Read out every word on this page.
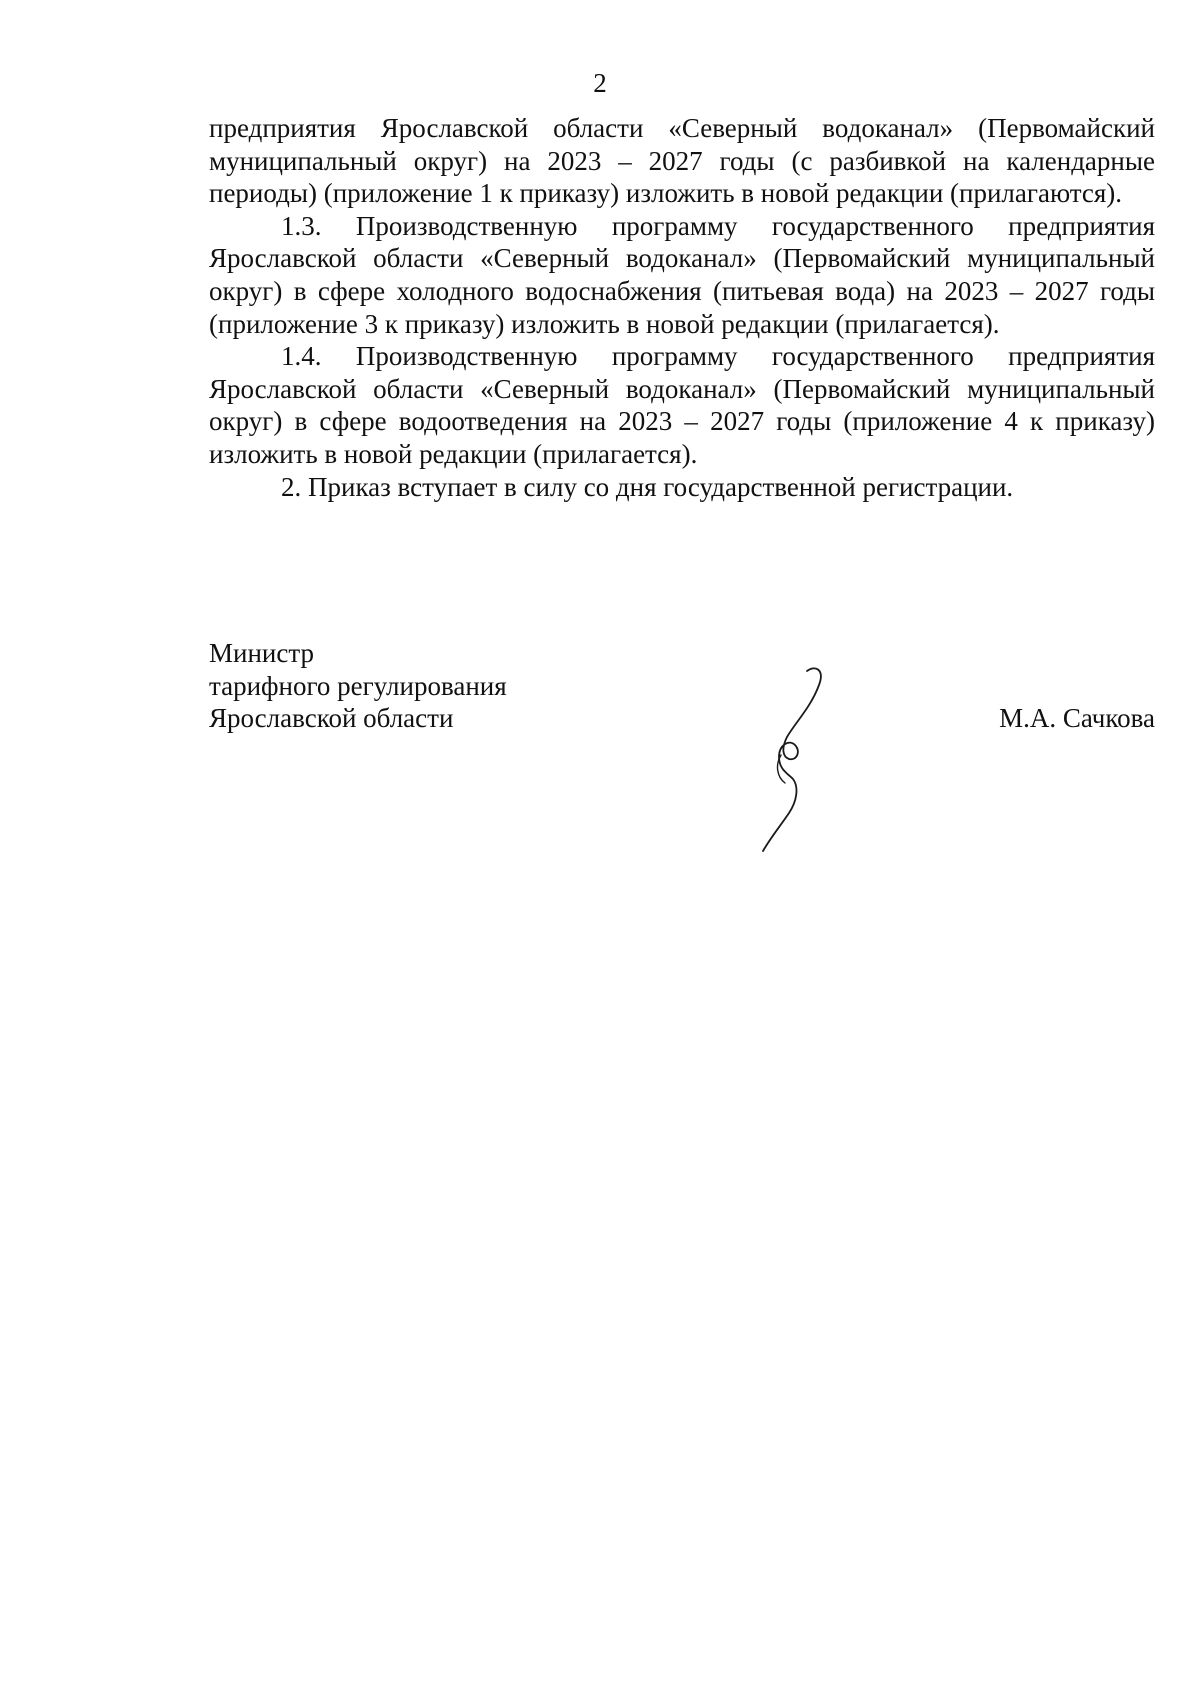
2

предприятия Ярославской области «Северный водоканал» (Первомайский муниципальный округ) на 2023 – 2027 годы (с разбивкой на календарные периоды) (приложение 1 к приказу) изложить в новой редакции (прилагаются).

1.3. Производственную программу государственного предприятия Ярославской области «Северный водоканал» (Первомайский муниципальный округ) в сфере холодного водоснабжения (питьевая вода) на 2023 – 2027 годы (приложение 3 к приказу) изложить в новой редакции (прилагается).

1.4. Производственную программу государственного предприятия Ярославской области «Северный водоканал» (Первомайский муниципальный округ) в сфере водоотведения на 2023 – 2027 годы (приложение 4 к приказу) изложить в новой редакции (прилагается).

2. Приказ вступает в силу со дня государственной регистрации.

Министр
тарифного регулирования
Ярославской области	М.А. Сачкова
